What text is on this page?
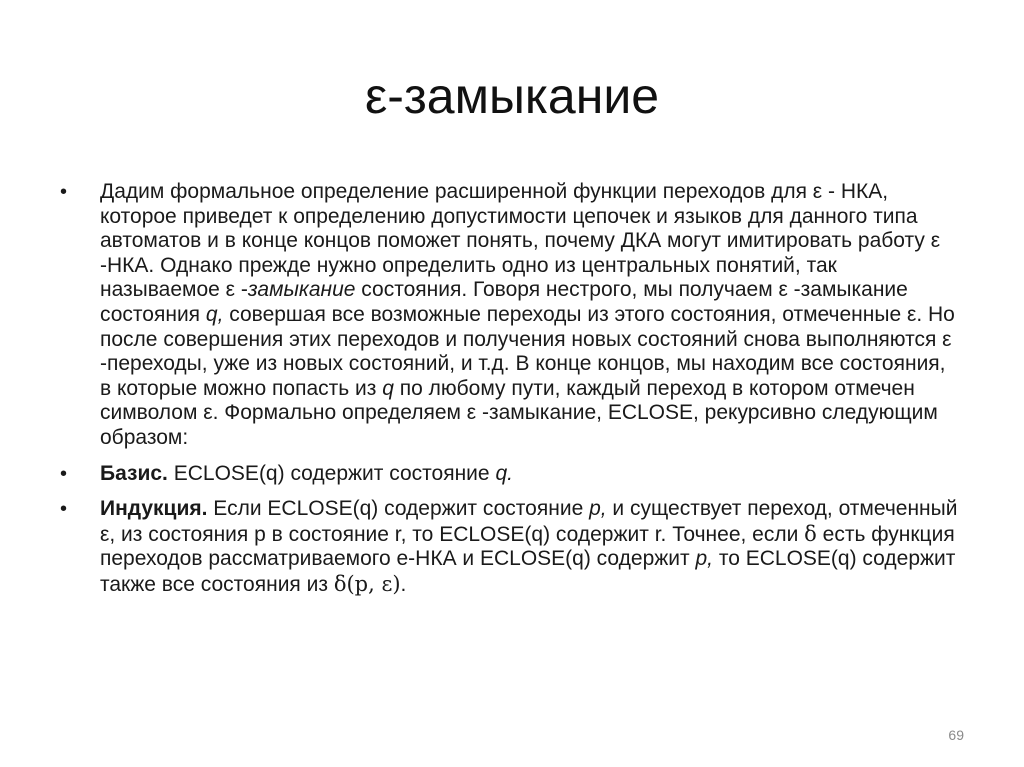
ε-замыкание
• Дадим формальное определение расширенной функции переходов для ε - НКА, которое приведет к определению допустимости цепочек и языков для данного типа автоматов и в конце концов поможет понять, почему ДКА могут имитировать работу ε -НКА. Однако прежде нужно определить одно из центральных понятий, так называемое ε -замыкание состояния. Говоря нестрого, мы получаем ε -замыкание состояния q, совершая все возможные переходы из этого состояния, отмеченные ε. Но после совершения этих переходов и получения новых состояний снова выполняются ε -переходы, уже из новых состояний, и т.д. В конце концов, мы находим все состояния, в которые можно попасть из q по любому пути, каждый переход в котором отмечен символом ε. Формально определяем ε -замыкание, ECLOSE, рекурсивно следующим образом:
• Базис. ECLOSE(q) содержит состояние q.
• Индукция. Если ECLOSE(q) содержит состояние p, и существует переход, отмеченный ε, из состояния p в состояние r, то ECLOSE(q) содержит r. Точнее, если δ есть функция переходов рассматриваемого е-НКА и ECLOSE(q) содержит p, то ECLOSE(q) содержит также все состояния из δ(p, ε).
69
